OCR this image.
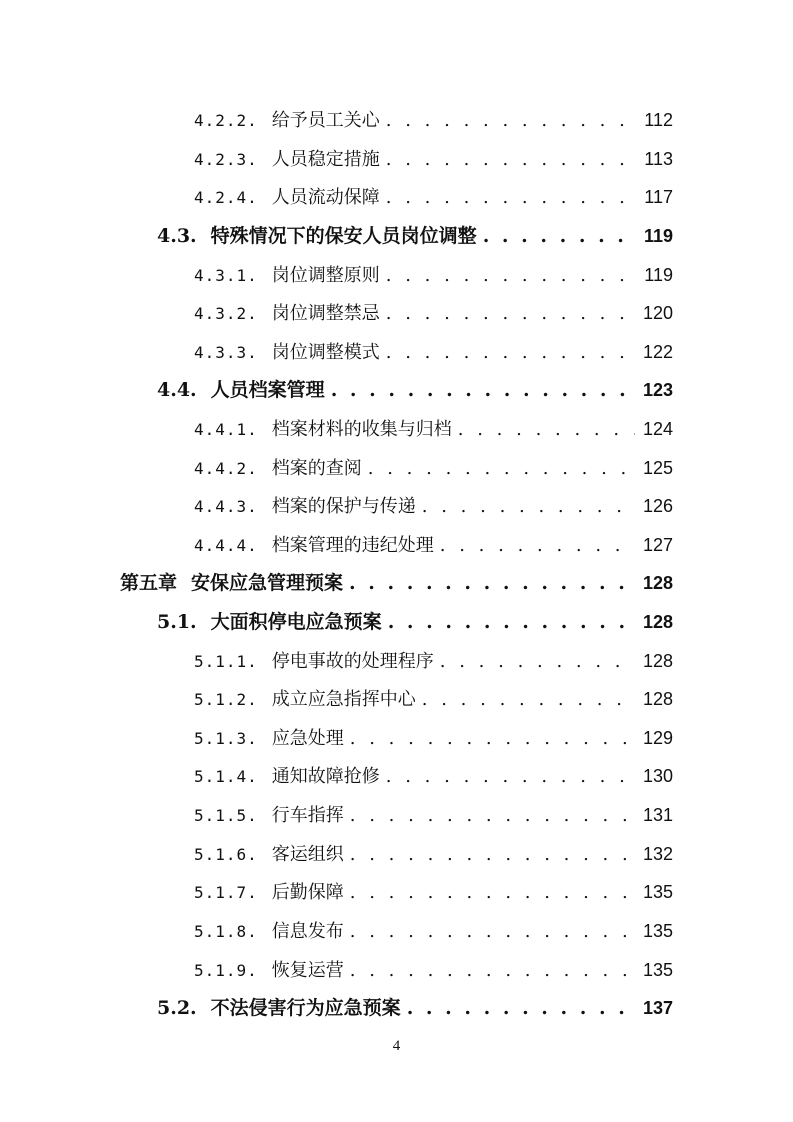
4.2.2. 给予员工关心 . . .	112
4.2.3. 人员稳定措施 . . .	113
4.2.4. 人员流动保障 . . .	117
4.3. 特殊情况下的保安人员岗位调整 . . .	119
4.3.1. 岗位调整原则 . . .	119
4.3.2. 岗位调整禁忌 . . .	120
4.3.3. 岗位调整模式 . . .	122
4.4. 人员档案管理 . . .	123
4.4.1. 档案材料的收集与归档 . . .	124
4.4.2. 档案的查阅 . . .	125
4.4.3. 档案的保护与传递 . . .	126
4.4.4. 档案管理的违纪处理 . . .	127
第五章 安保应急管理预案 . . .	128
5.1. 大面积停电应急预案 . . .	128
5.1.1. 停电事故的处理程序 . . .	128
5.1.2. 成立应急指挥中心 . . .	128
5.1.3. 应急处理 . . .	129
5.1.4. 通知故障抢修 . . .	130
5.1.5. 行车指挥 . . .	131
5.1.6. 客运组织 . . .	132
5.1.7. 后勤保障 . . .	135
5.1.8. 信息发布 . . .	135
5.1.9. 恢复运营 . . .	135
5.2. 不法侵害行为应急预案 . . .	137
4
